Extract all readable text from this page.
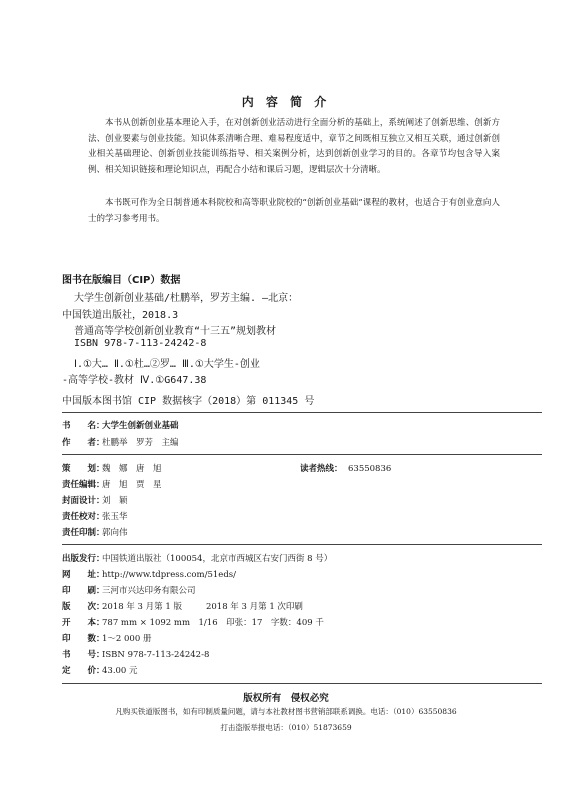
内 容 简 介
本书从创新创业基本理论入手，在对创新创业活动进行全面分析的基础上，系统阐述了创新思维、创新方法、创业要素与创业技能。知识体系清晰合理、难易程度适中，章节之间既相互独立又相互关联，通过创新创业相关基础理论、创新创业技能训练指导、相关案例分析，达到创新创业学习的目的。各章节均包含导入案例、相关知识链接和理论知识点，再配合小结和课后习题，逻辑层次十分清晰。
本书既可作为全日制普通本科院校和高等职业院校的“创新创业基础”课程的教材，也适合于有创业意向人士的学习参考用书。
图书在版编目（CIP）数据
大学生创新创业基础/杜鹏举，罗芳主编. —北京：
中国铁道出版社，2018.3
普通高等学校创新创业教育“十三五”规划教材
ISBN 978-7-113-24242-8
Ⅰ.①大… Ⅱ.①杜…②罗… Ⅲ.①大学生-创业
-高等学校-教材 Ⅳ.①G647.38
中国版本图书馆 CIP 数据核字（2018）第 011345 号
书　　名：大学生创新创业基础
作　　者：杜鹏举　罗芳　主编
策　　划：魏　娜　唐　旭	读者热线： 63550836
责任编辑：唐　旭　贾　星
封面设计：刘　颖
责任校对：张玉华
责任印制：郭向伟
出版发行：中国铁道出版社（100054，北京市西城区右安门西街 8 号）
网　　址：http://www.tdpress.com/51eds/
印　　刷：三河市兴达印务有限公司
版　　次：2018 年 3 月第 1 版	2018 年 3 月第 1 次印刷
开　　本：787 mm × 1092 mm　1/16　印张：17　字数：409 千
印　　数：1～2 000 册
书　　号：ISBN 978-7-113-24242-8
定　　价：43.00 元
版权所有　侵权必究
凡购买铁道版图书，如有印制质量问题，请与本社教材图书营销部联系调换。电话：（010）63550836
打击盗版举报电话：（010）51873659
